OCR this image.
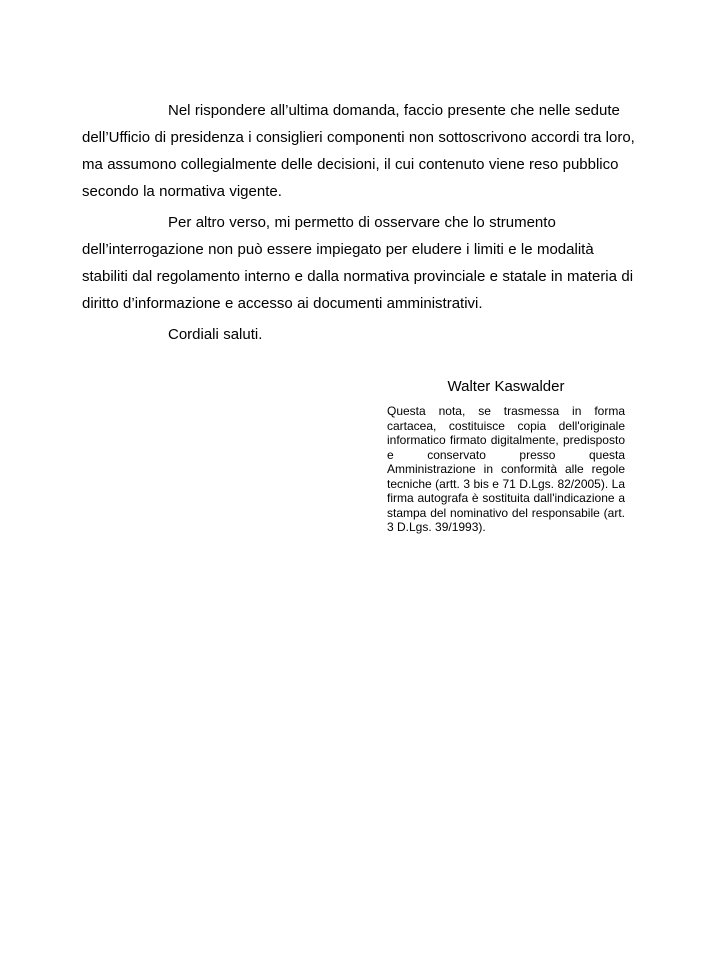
Nel rispondere all’ultima domanda, faccio presente che nelle sedute dell’Ufficio di presidenza i consiglieri componenti non sottoscrivono accordi tra loro, ma assumono collegialmente delle decisioni, il cui contenuto viene reso pubblico secondo la normativa vigente.

Per altro verso, mi permetto di osservare che lo strumento dell’interrogazione non può essere impiegato per eludere i limiti e le modalità stabiliti dal regolamento interno e dalla normativa provinciale e statale in materia di diritto d’informazione e accesso ai documenti amministrativi.

Cordiali saluti.

Walter Kaswalder
Questa nota, se trasmessa in forma cartacea, costituisce copia dell'originale informatico firmato digitalmente, predisposto e conservato presso questa Amministrazione in conformità alle regole tecniche (artt. 3 bis e 71 D.Lgs. 82/2005). La firma autografa è sostituita dall'indicazione a stampa del nominativo del responsabile (art. 3 D.Lgs. 39/1993).
